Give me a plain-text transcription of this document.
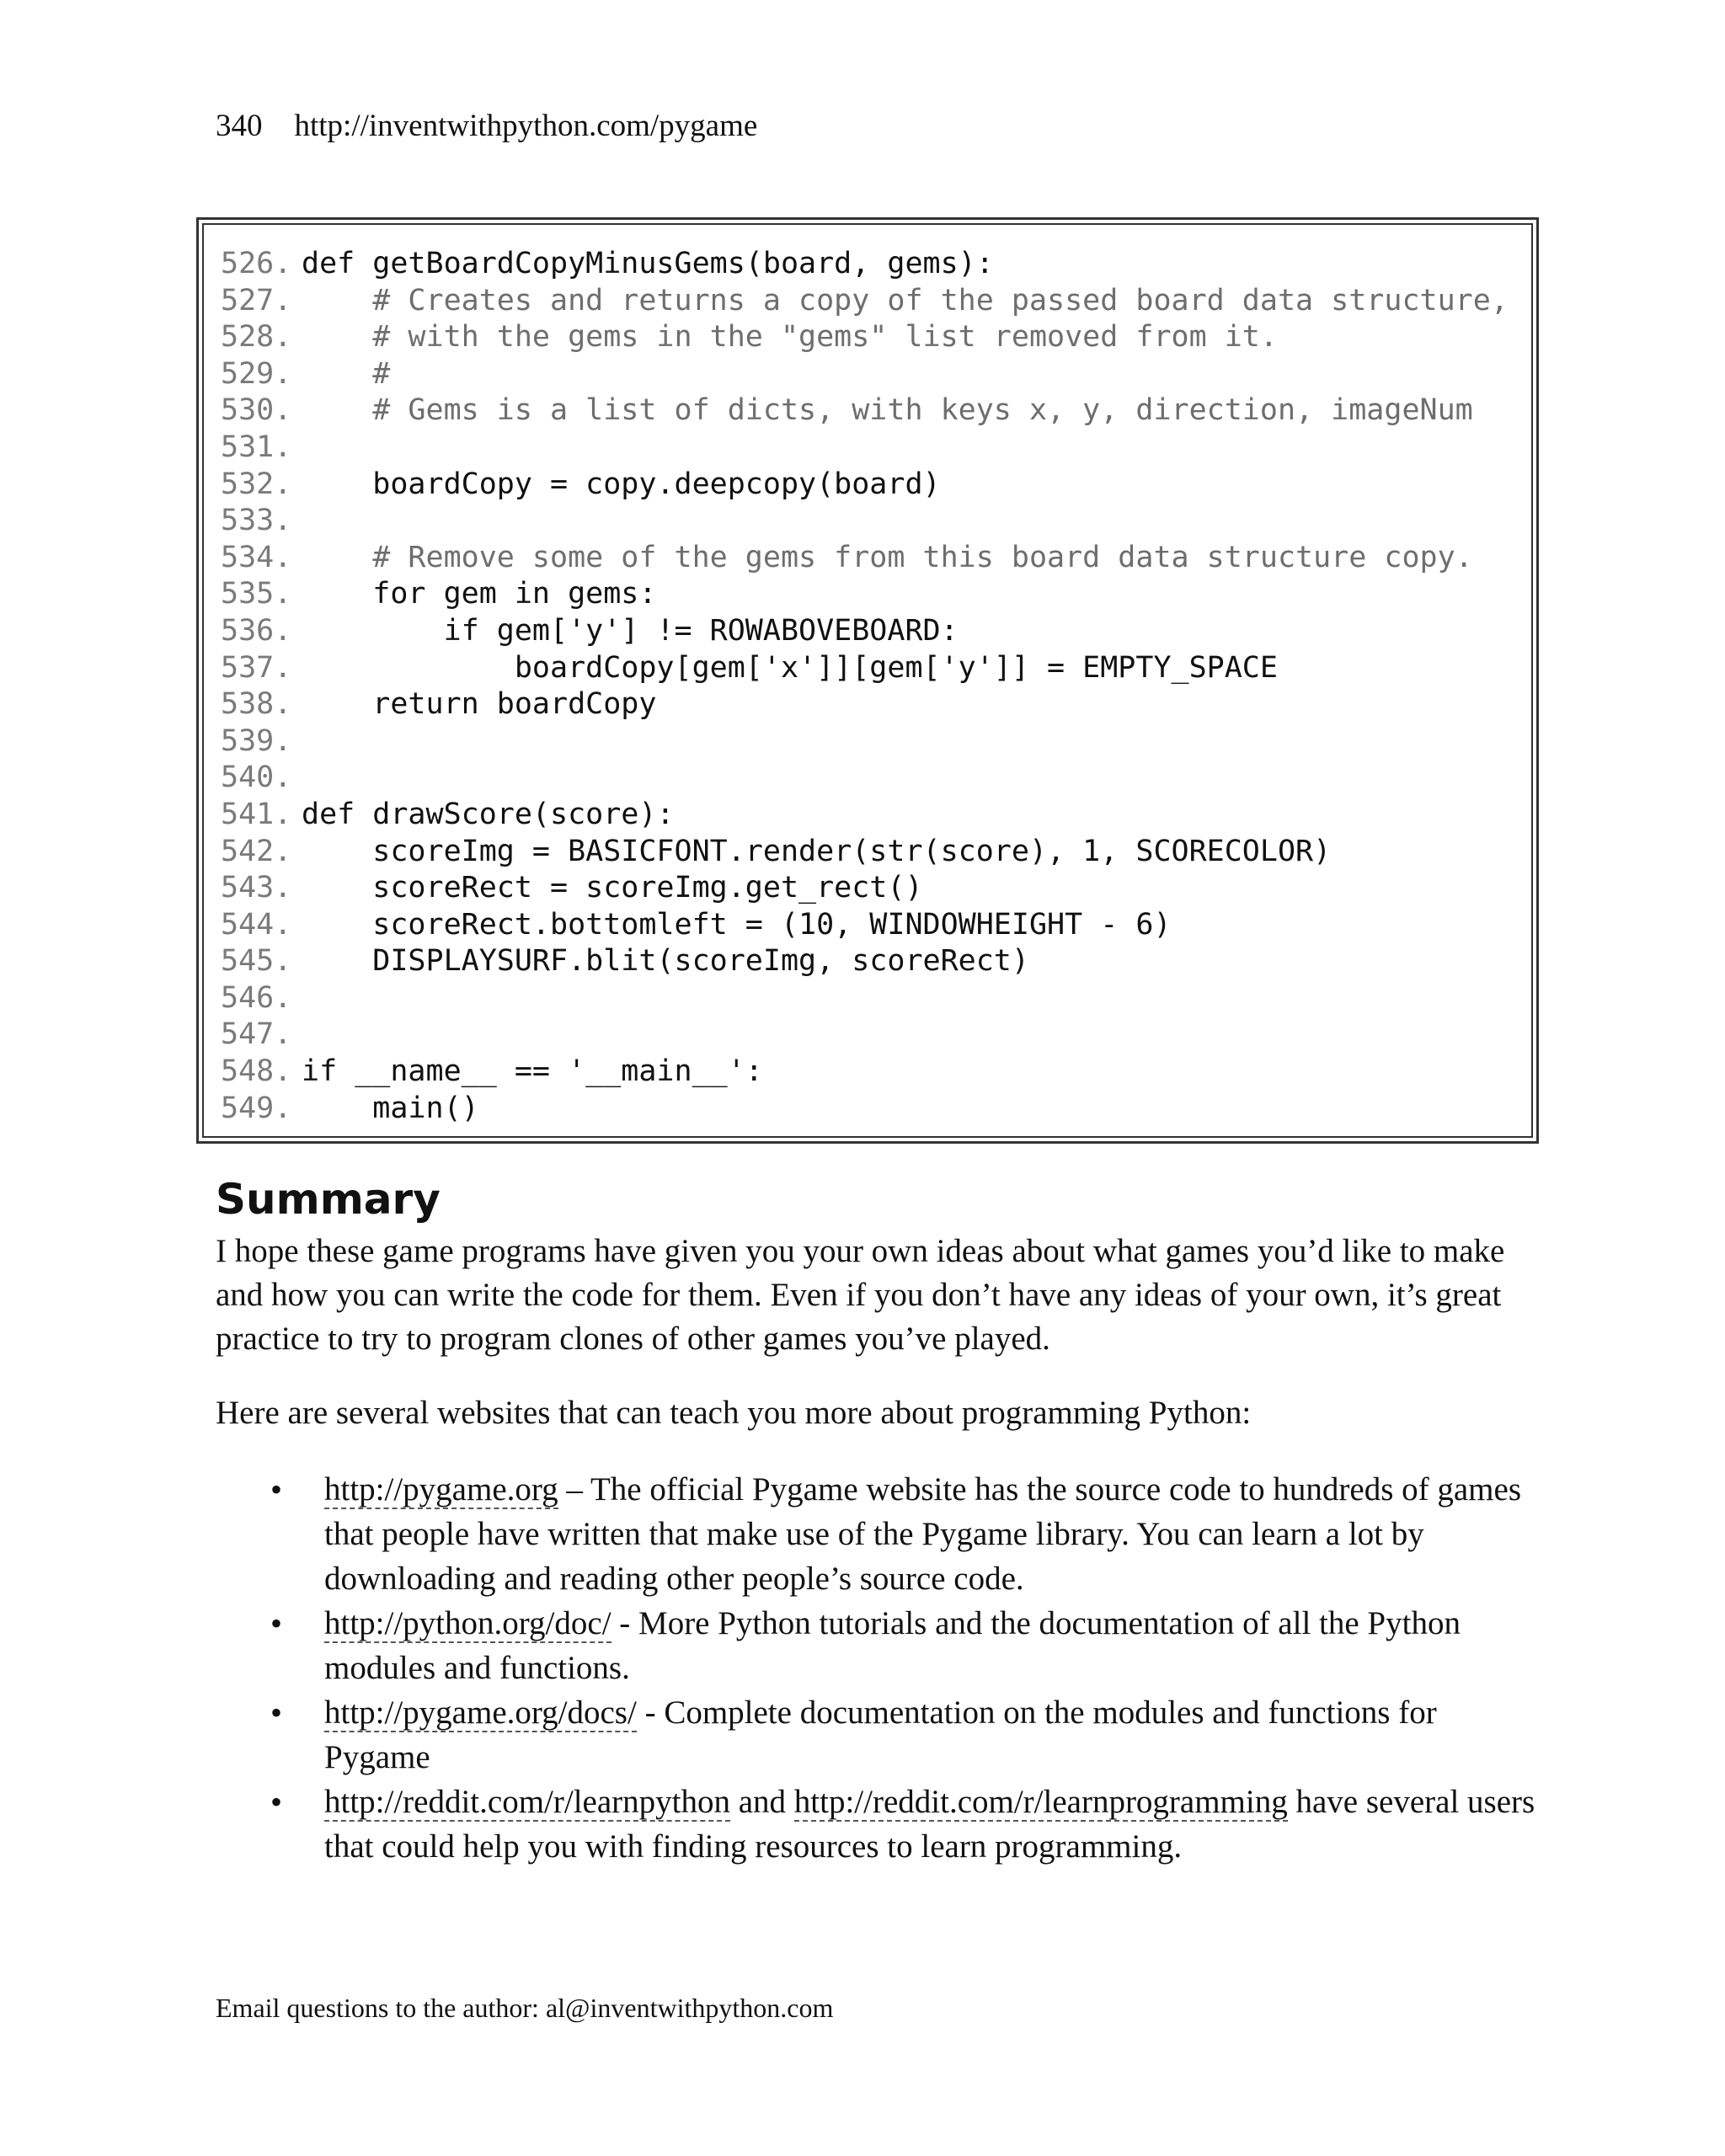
340 http://inventwithpython.com/pygame
526. def getBoardCopyMinusGems(board, gems):
527. # Creates and returns a copy of the passed board data structure,
528. # with the gems in the "gems" list removed from it.
529. #
530. # Gems is a list of dicts, with keys x, y, direction, imageNum
531.
532. boardCopy = copy.deepcopy(board)
533.
534. # Remove some of the gems from this board data structure copy.
535. for gem in gems:
536. if gem['y'] != ROWABOVEBOARD:
537. boardCopy[gem['x']][gem['y']] = EMPTY_SPACE
538. return boardCopy
539.
540.
541. def drawScore(score):
542. scoreImg = BASICFONT.render(str(score), 1, SCORECOLOR)
543. scoreRect = scoreImg.get_rect()
544. scoreRect.bottomleft = (10, WINDOWHEIGHT - 6)
545. DISPLAYSURF.blit(scoreImg, scoreRect)
546.
547.
548. if __name__ == '__main__':
549. main()
Summary

I hope these game programs have given you your own ideas about what games you’d like to make and how you can write the code for them. Even if you don’t have any ideas of your own, it’s great practice to try to program clones of other games you’ve played.

Here are several websites that can teach you more about programming Python:

• http://pygame.org – The official Pygame website has the source code to hundreds of games that people have written that make use of the Pygame library. You can learn a lot by downloading and reading other people’s source code.
• http://python.org/doc/ - More Python tutorials and the documentation of all the Python modules and functions.
• http://pygame.org/docs/ - Complete documentation on the modules and functions for Pygame
• http://reddit.com/r/learnpython and http://reddit.com/r/learnprogramming have several users that could help you with finding resources to learn programming.
Email questions to the author: al@inventwithpython.com
